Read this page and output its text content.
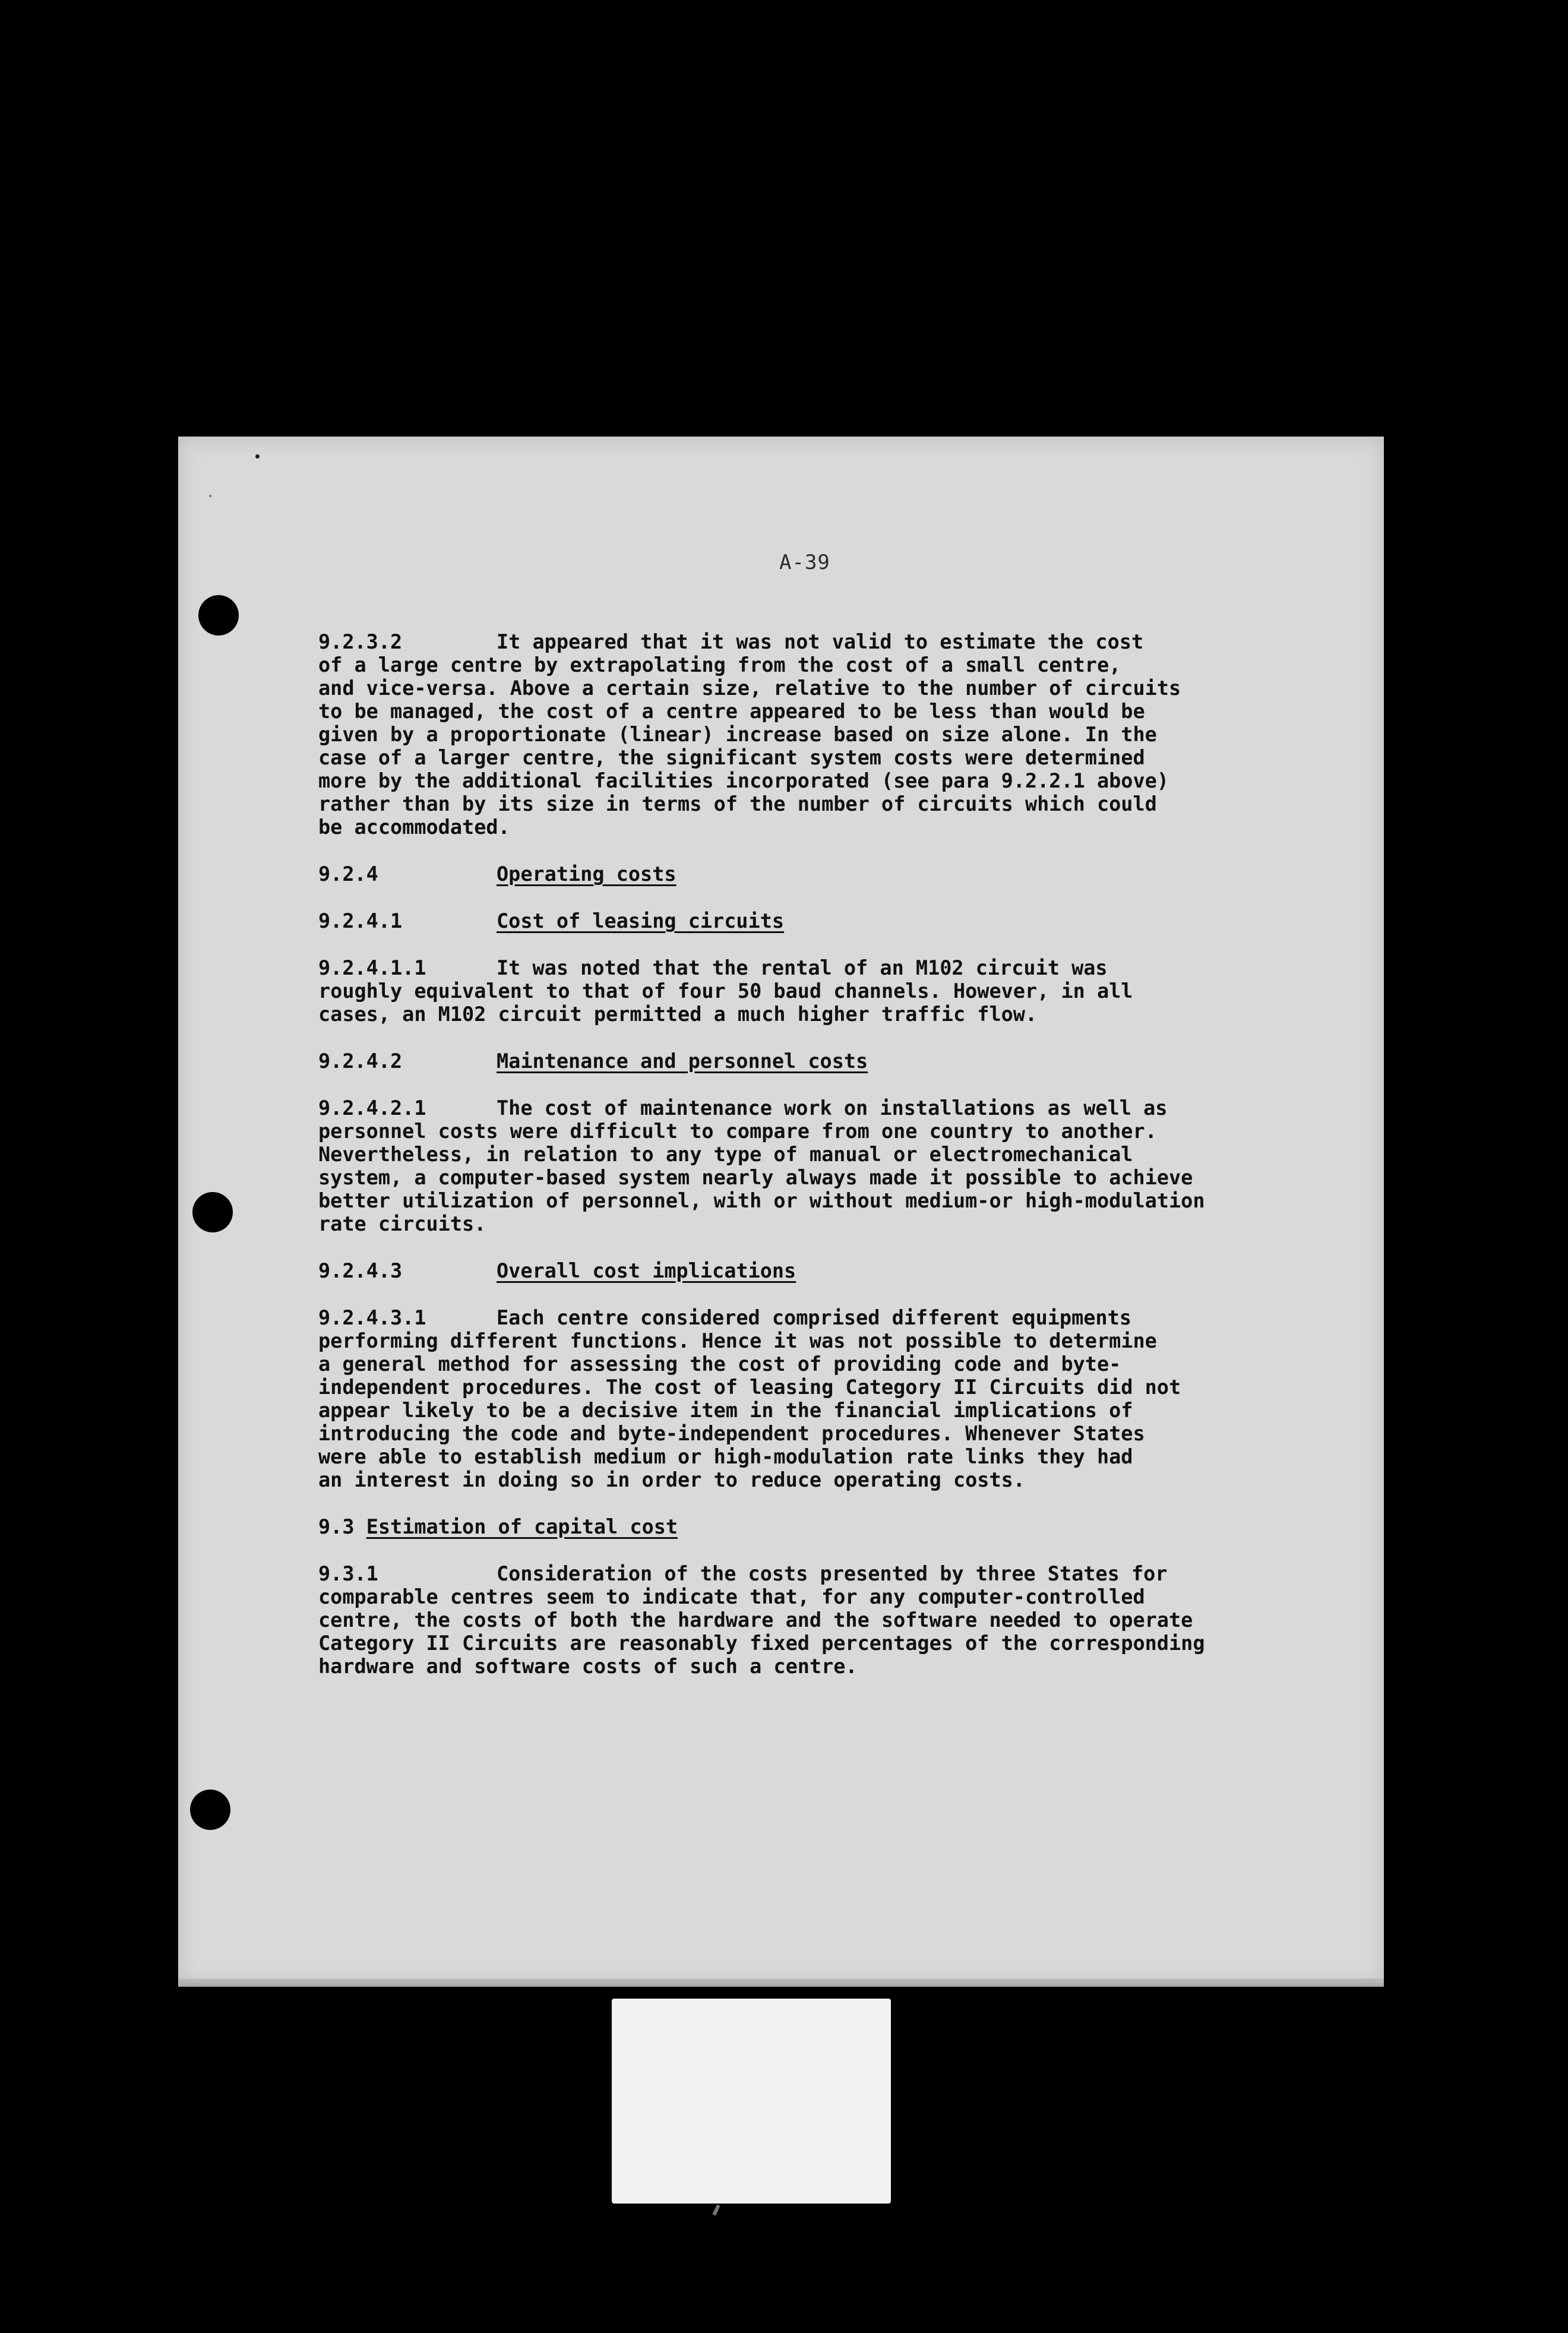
A-39
9.2.3.2	It appeared that it was not valid to estimate the cost
of a large centre by extrapolating from the cost of a small centre,
and vice-versa. Above a certain size, relative to the number of circuits
to be managed, the cost of a centre appeared to be less than would be
given by a proportionate (linear) increase based on size alone. In the
case of a larger centre, the significant system costs were determined
more by the additional facilities incorporated (see para 9.2.2.1 above)
rather than by its size in terms of the number of circuits which could
be accommodated.
9.2.4	Operating costs
9.2.4.1	Cost of leasing circuits
9.2.4.1.1	It was noted that the rental of an M102 circuit was
roughly equivalent to that of four 50 baud channels. However, in all
cases, an M102 circuit permitted a much higher traffic flow.
9.2.4.2	Maintenance and personnel costs
9.2.4.2.1	The cost of maintenance work on installations as well as
personnel costs were difficult to compare from one country to another.
Nevertheless, in relation to any type of manual or electromechanical
system, a computer-based system nearly always made it possible to achieve
better utilization of personnel, with or without medium-or high-modulation
rate circuits.
9.2.4.3	Overall cost implications
9.2.4.3.1	Each centre considered comprised different equipments
performing different functions. Hence it was not possible to determine
a general method for assessing the cost of providing code and byte-
independent procedures. The cost of leasing Category II Circuits did not
appear likely to be a decisive item in the financial implications of
introducing the code and byte-independent procedures. Whenever States
were able to establish medium or high-modulation rate links they had
an interest in doing so in order to reduce operating costs.
9.3 Estimation of capital cost
9.3.1	Consideration of the costs presented by three States for
comparable centres seem to indicate that, for any computer-controlled
centre, the costs of both the hardware and the software needed to operate
Category II Circuits are reasonably fixed percentages of the corresponding
hardware and software costs of such a centre.
